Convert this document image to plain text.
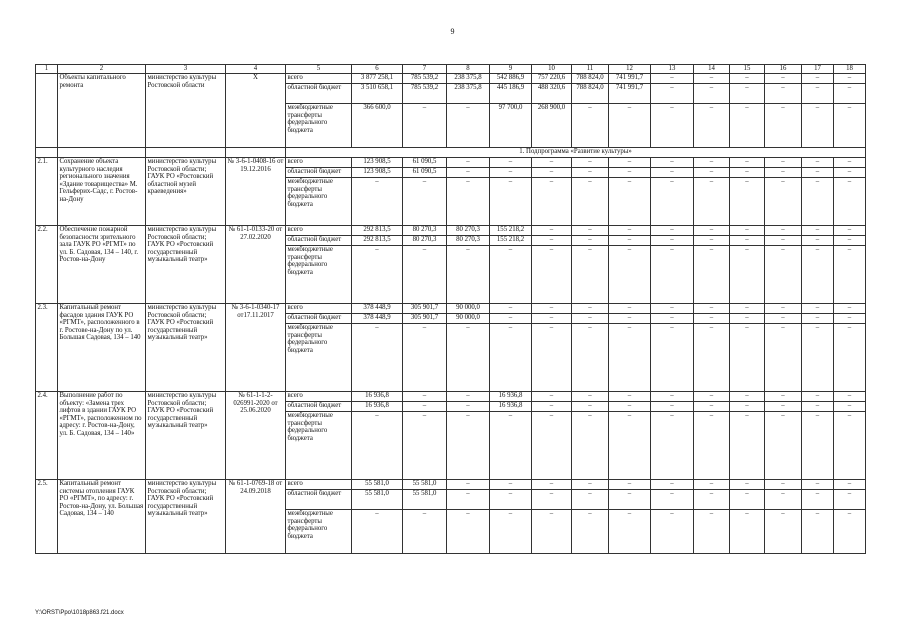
9
1	2	3	4	5	6	7	8	9	10	11	12	13	14	15	16	17	18
	Объекты капитального ремонта	министерство культуры Ростовской области	Х	всего	3 877 258,1	785 539,2	238 375,8	542 886,9	757 220,6	788 824,0	741 991,7	–	–	–	–	–	–
				областной бюджет	3 510 658,1	785 539,2	238 375,8	445 186,9	488 320,6	788 824,0	741 991,7	–	–	–	–	–	–
				межбюджетные трансферты федерального бюджета	366 600,0	–	–	97 700,0	268 900,0	–	–	–	–	–	–	–	–
				1. Подпрограмма «Развитие культуры»													
2.1.	Сохранение объекта культурного наследия регионального значения «Здание товарищества» М. Гельферих-Садс, г. Ростов-на-Дону	министерство культуры Ростовской области; ГАУК РО «Ростовский областной музей краеведения»	№ 3-6-1-0408-16 от 19.12.2016	всего	123 908,5	61 090,5	–	–	–	–	–	–	–	–	–	–	–
				областной бюджет	123 908,5	61 090,5	–	–	–	–	–	–	–	–	–	–	–
				межбюджетные трансферты федерального бюджета	–	–	–	–	–	–	–	–	–	–	–	–	–
2.2.	Обеспечение пожарной безопасности зрительного зала ГАУК РО «РГМТ» по ул. Б. Садовая, 134 – 140, г. Ростов-на-Дону	министерство культуры Ростовской области; ГАУК РО «Ростовский государственный музыкальный театр»	№ 61-1-0133-20 от 27.02.2020	всего	292 813,5	80 270,3	80 270,3	155 218,2	–	–	–	–	–	–	–	–	–
				областной бюджет	292 813,5	80 270,3	80 270,3	155 218,2	–	–	–	–	–	–	–	–	–
				межбюджетные трансферты федерального бюджета	–	–	–	–	–	–	–	–	–	–	–	–	–
2.3.	Капитальный ремонт фасадов здания ГАУК РО «РГМТ», расположенного в г. Ростове-на-Дону по ул. Большая Садовая, 134 – 140	министерство культуры Ростовской области; ГАУК РО «Ростовский государственный музыкальный театр»	№ 3-6-1-0340-17 от17.11.2017	всего	378 448,9	305 901,7	90 000,0	–	–	–	–	–	–	–	–	–	–
				областной бюджет	378 448,9	305 901,7	90 000,0	–	–	–	–	–	–	–	–	–	–
				межбюджетные трансферты федерального бюджета	–	–	–	–	–	–	–	–	–	–	–	–	–
2.4.	Выполнение работ по объекту: «Замена трех лифтов в здании ГАУК РО «РГМТ», расположенном по адресу: г. Ростов-на-Дону, ул. Б. Садовая, 134 – 140»	министерство культуры Ростовской области; ГАУК РО «Ростовский государственный музыкальный театр»	№ 61-1-1-2-026991-2020 от 25.06.2020	всего	16 936,8	–	–	16 936,8	–	–	–	–	–	–	–	–	–
				областной бюджет	16 936,8	–	–	16 936,8	–	–	–	–	–	–	–	–	–
				межбюджетные трансферты федерального бюджета	–	–	–	–	–	–	–	–	–	–	–	–	–
2.5.	Капитальный ремонт системы отопления ГАУК РО «РГМТ», по адресу: г. Ростов-на-Дону, ул. Большая Садовая, 134 – 140	министерство культуры Ростовской области; ГАУК РО «Ростовский государственный музыкальный театр»	№ 61-1-0769-18 от 24.09.2018	всего	55 581,0	55 581,0	–	–	–	–	–	–	–	–	–	–	–
				областной бюджет	55 581,0	55 581,0	–	–	–	–	–	–	–	–	–	–	–
				межбюджетные трансферты федерального бюджета	–	–	–	–	–	–	–	–	–	–	–	–	–
Y:\ORST\Ppo\1018p863.f21.docx
